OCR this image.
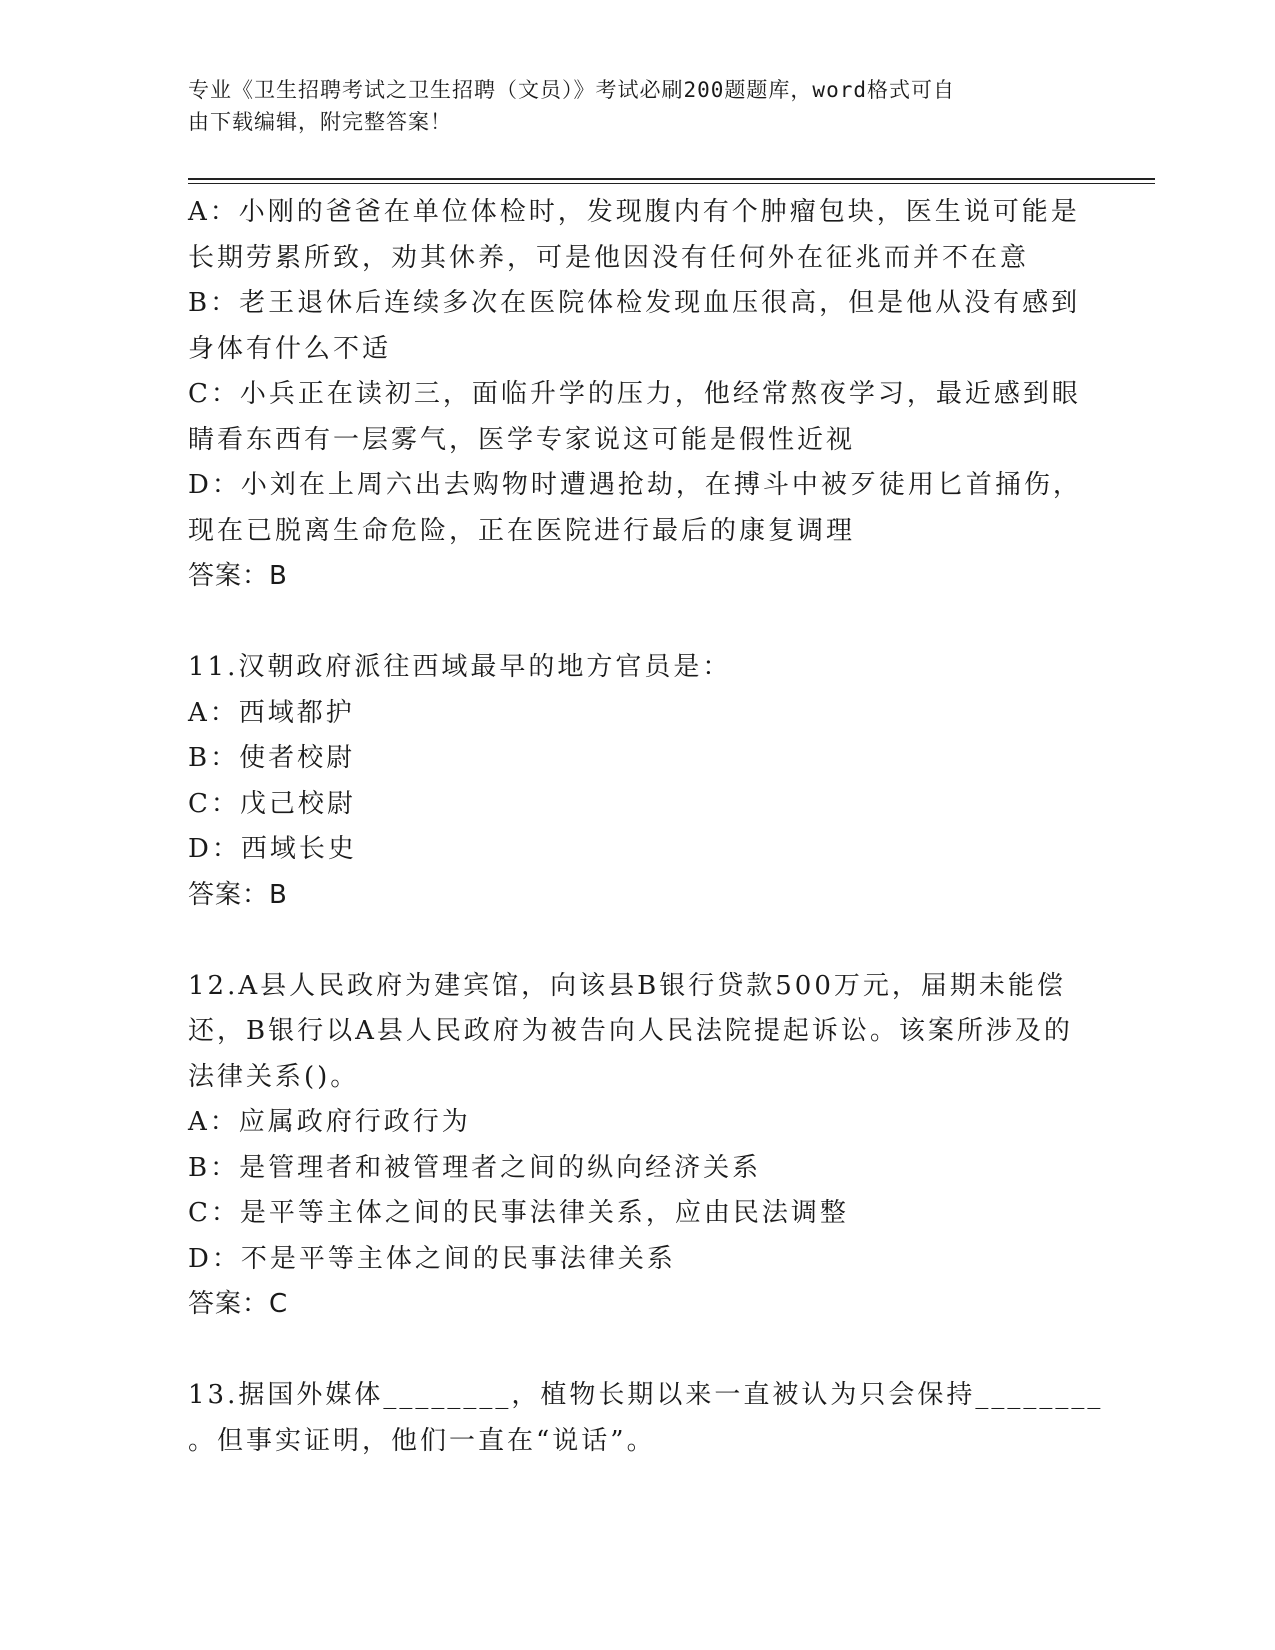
专业《卫生招聘考试之卫生招聘（文员）》考试必刷200题题库，word格式可自
由下载编辑，附完整答案！
A：小刚的爸爸在单位体检时，发现腹内有个肿瘤包块，医生说可能是
长期劳累所致，劝其休养，可是他因没有任何外在征兆而并不在意
B：老王退休后连续多次在医院体检发现血压很高，但是他从没有感到
身体有什么不适
C：小兵正在读初三，面临升学的压力，他经常熬夜学习，最近感到眼
睛看东西有一层雾气，医学专家说这可能是假性近视
D：小刘在上周六出去购物时遭遇抢劫，在搏斗中被歹徒用匕首捅伤，
现在已脱离生命危险，正在医院进行最后的康复调理
答案：B
11.汉朝政府派往西域最早的地方官员是：
A：西域都护
B：使者校尉
C：戊己校尉
D：西域长史
答案：B
12.A县人民政府为建宾馆，向该县B银行贷款500万元，届期未能偿
还，B银行以A县人民政府为被告向人民法院提起诉讼。该案所涉及的
法律关系()。
A：应属政府行政行为
B：是管理者和被管理者之间的纵向经济关系
C：是平等主体之间的民事法律关系，应由民法调整
D：不是平等主体之间的民事法律关系
答案：C
13.据国外媒体________，植物长期以来一直被认为只会保持________
。但事实证明，他们一直在“说话”。
